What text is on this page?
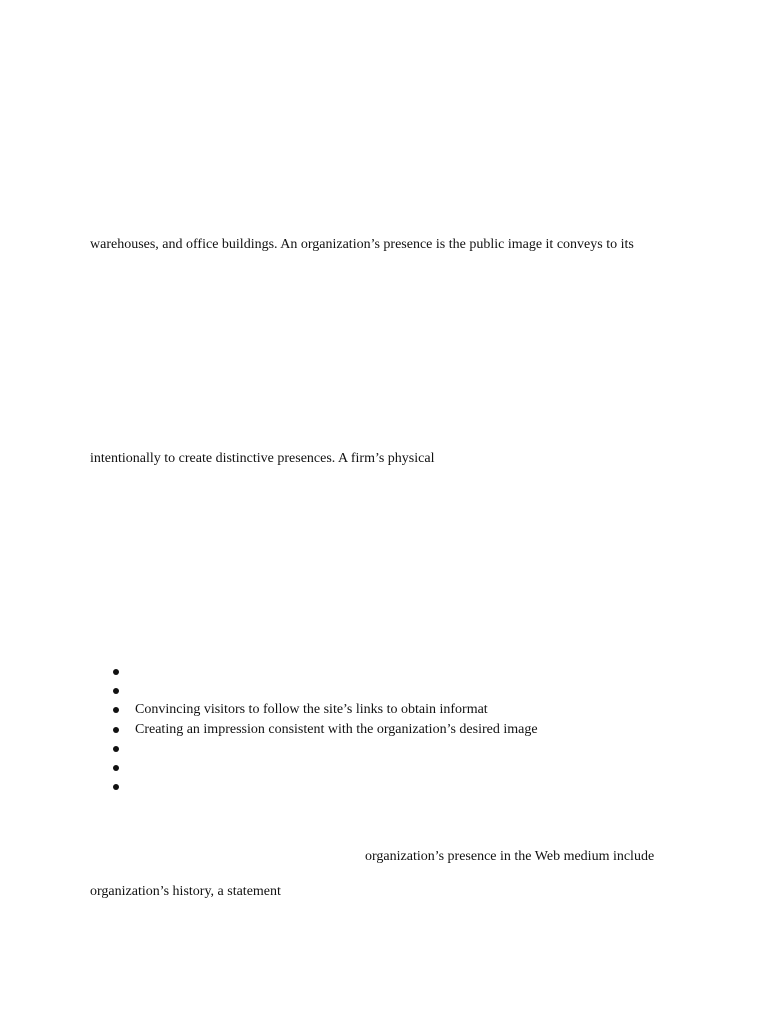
warehouses, and office buildings. An organization’s presence is the public image it conveys to its
intentionally to create distinctive presences. A firm’s physical
Convincing visitors to follow the site’s links to obtain informat
Creating an impression consistent with the organization’s desired image
organization’s presence in the Web medium include
organization’s history, a statement
